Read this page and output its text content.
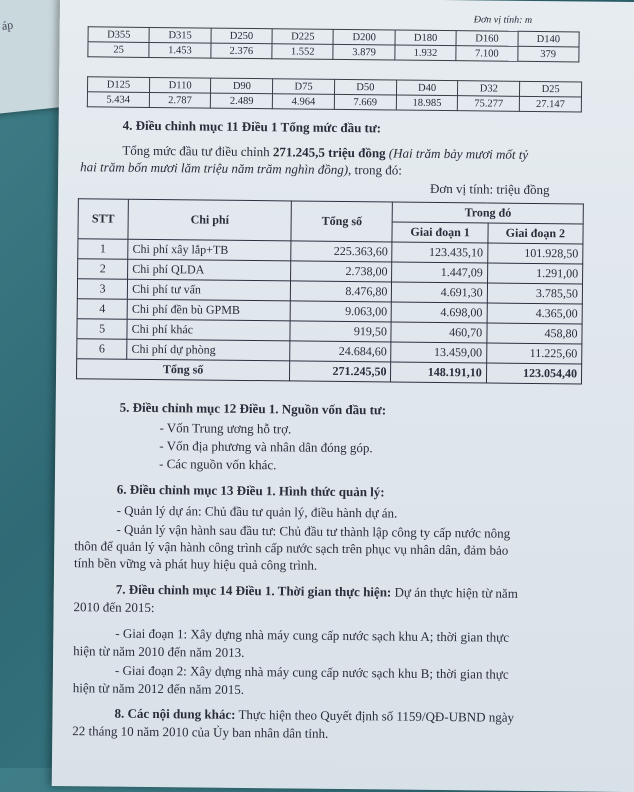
áp	Đơn vị tính: m
D355	D315	D250	D225	D200	D180	D160	D140
25	1.453	2.376	1.552	3.879	1.932	7.100	379
D125	D110	D90	D75	D50	D40	D32	D25
5.434	2.787	2.489	4.964	7.669	18.985	75.277	27.147
4. Điều chỉnh mục 11 Điều 1 Tổng mức đầu tư:
Tổng mức đầu tư điều chỉnh 271.245,5 triệu đồng (Hai trăm bảy mươi mốt tỷ
hai trăm bốn mươi lăm triệu năm trăm nghìn đồng), trong đó:
Đơn vị tính: triệu đồng
STT	Chi phí	Tổng số	Trong đó	
			Giai đoạn 1	Giai đoạn 2
1	Chi phí xây lắp+TB	225.363,60	123.435,10	101.928,50
2	Chi phí QLDA	2.738,00	1.447,09	1.291,00
3	Chi phí tư vấn	8.476,80	4.691,30	3.785,50
4	Chi phí đền bù GPMB	9.063,00	4.698,00	4.365,00
5	Chi phí khác	919,50	460,70	458,80
6	Chi phí dự phòng	24.684,60	13.459,00	11.225,60
Tổng số		271.245,50	148.191,10	123.054,40
5. Điều chỉnh mục 12 Điều 1. Nguồn vốn đầu tư:
- Vốn Trung ương hỗ trợ.
- Vốn địa phương và nhân dân đóng góp.
- Các nguồn vốn khác.
6. Điều chỉnh mục 13 Điều 1. Hình thức quản lý:
- Quản lý dự án: Chủ đầu tư quản lý, điều hành dự án.
- Quản lý vận hành sau đầu tư: Chủ đầu tư thành lập công ty cấp nước nông
thôn để quản lý vận hành công trình cấp nước sạch trên phục vụ nhân dân, đảm bảo
tính bền vững và phát huy hiệu quả công trình.
7. Điều chỉnh mục 14 Điều 1. Thời gian thực hiện: Dự án thực hiện từ năm
2010 đến 2015:
- Giai đoạn 1: Xây dựng nhà máy cung cấp nước sạch khu A; thời gian thực
hiện từ năm 2010 đến năm 2013.
- Giai đoạn 2: Xây dựng nhà máy cung cấp nước sạch khu B; thời gian thực
hiện từ năm 2012 đến năm 2015.
8. Các nội dung khác: Thực hiện theo Quyết định số 1159/QĐ-UBND ngày
22 tháng 10 năm 2010 của Ủy ban nhân dân tỉnh.
